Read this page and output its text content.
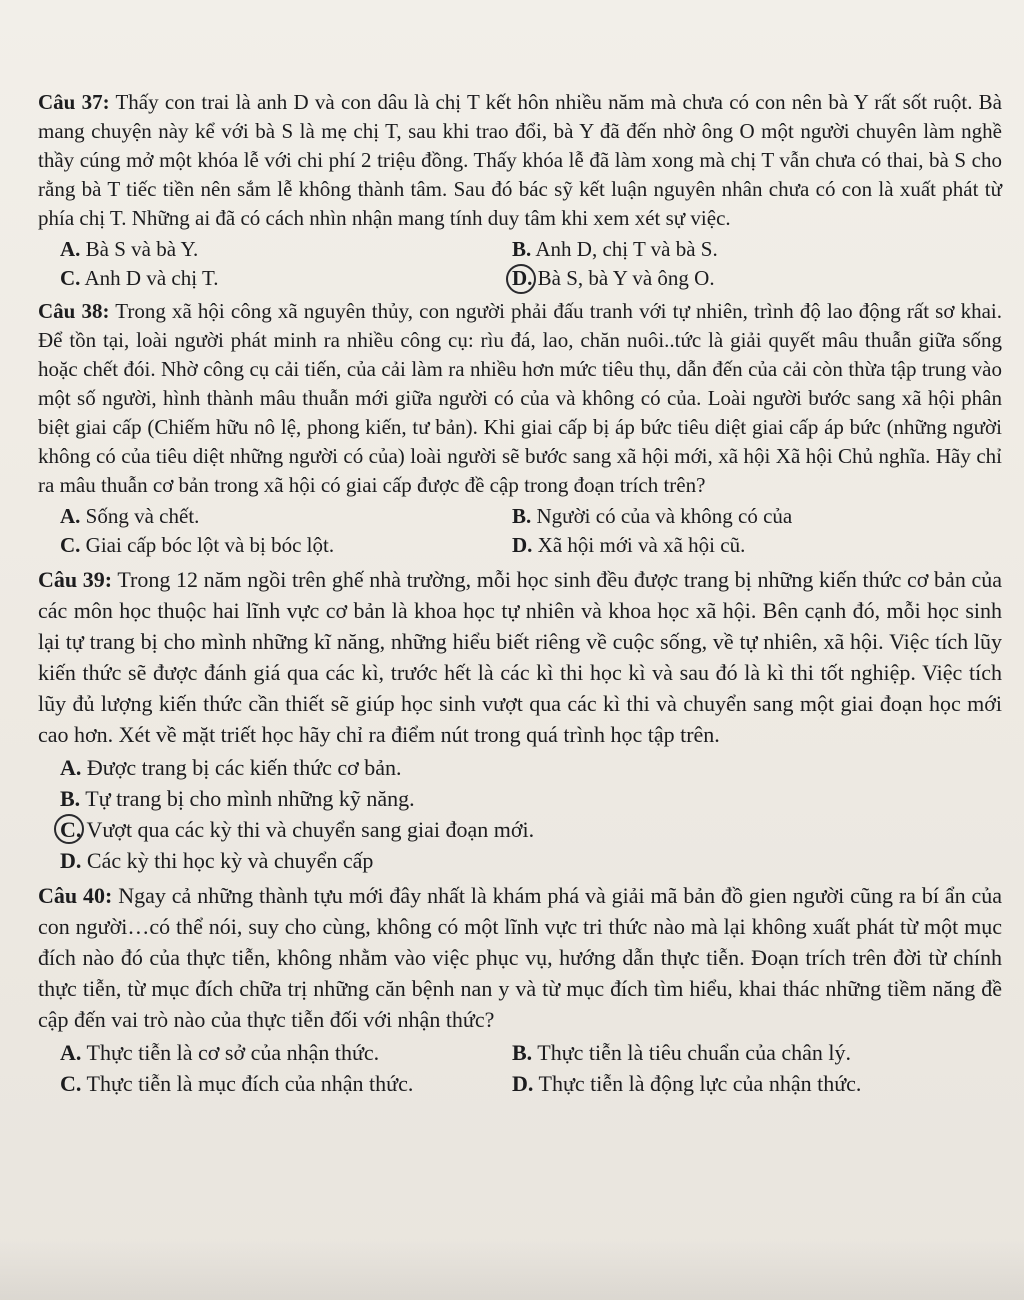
Câu 37: Thấy con trai là anh D và con dâu là chị T kết hôn nhiều năm mà chưa có con nên bà Y rất sốt ruột. Bà mang chuyện này kể với bà S là mẹ chị T, sau khi trao đổi, bà Y đã đến nhờ ông O một người chuyên làm nghề thầy cúng mở một khóa lễ với chi phí 2 triệu đồng. Thấy khóa lễ đã làm xong mà chị T vẫn chưa có thai, bà S cho rằng bà T tiếc tiền nên sắm lễ không thành tâm. Sau đó bác sỹ kết luận nguyên nhân chưa có con là xuất phát từ phía chị T. Những ai đã có cách nhìn nhận mang tính duy tâm khi xem xét sự việc.

A. Bà S và bà Y.	B. Anh D, chị T và bà S.
C. Anh D và chị T.	D. Bà S, bà Y và ông O.

Câu 38: Trong xã hội công xã nguyên thủy, con người phải đấu tranh với tự nhiên, trình độ lao động rất sơ khai. Để tồn tại, loài người phát minh ra nhiều công cụ: rìu đá, lao, chăn nuôi..tức là giải quyết mâu thuẫn giữa sống hoặc chết đói. Nhờ công cụ cải tiến, của cải làm ra nhiều hơn mức tiêu thụ, dẫn đến của cải còn thừa tập trung vào một số người, hình thành mâu thuẫn mới giữa người có của và không có của. Loài người bước sang xã hội phân biệt giai cấp (Chiếm hữu nô lệ, phong kiến, tư bản). Khi giai cấp bị áp bức tiêu diệt giai cấp áp bức (những người không có của tiêu diệt những người có của) loài người sẽ bước sang xã hội mới, xã hội Xã hội Chủ nghĩa. Hãy chỉ ra mâu thuẫn cơ bản trong xã hội có giai cấp được đề cập trong đoạn trích trên?

A. Sống và chết.	B. Người có của và không có của
C. Giai cấp bóc lột và bị bóc lột.	D. Xã hội mới và xã hội cũ.

Câu 39: Trong 12 năm ngồi trên ghế nhà trường, mỗi học sinh đều được trang bị những kiến thức cơ bản của các môn học thuộc hai lĩnh vực cơ bản là khoa học tự nhiên và khoa học xã hội. Bên cạnh đó, mỗi học sinh lại tự trang bị cho mình những kĩ năng, những hiểu biết riêng về cuộc sống, về tự nhiên, xã hội. Việc tích lũy kiến thức sẽ được đánh giá qua các kì, trước hết là các kì thi học kì và sau đó là kì thi tốt nghiệp. Việc tích lũy đủ lượng kiến thức cần thiết sẽ giúp học sinh vượt qua các kì thi và chuyển sang một giai đoạn học mới cao hơn. Xét về mặt triết học hãy chỉ ra điểm nút trong quá trình học tập trên.

A. Được trang bị các kiến thức cơ bản.
B. Tự trang bị cho mình những kỹ năng.
C. Vượt qua các kỳ thi và chuyển sang giai đoạn mới.
D. Các kỳ thi học kỳ và chuyển cấp

Câu 40: Ngay cả những thành tựu mới đây nhất là khám phá và giải mã bản đồ gien người cũng ra bí ẩn của con người…có thể nói, suy cho cùng, không có một lĩnh vực tri thức nào mà lại không xuất phát từ một mục đích nào đó của thực tiễn, không nhằm vào việc phục vụ, hướng dẫn thực tiễn. Đoạn trích trên đời từ chính thực tiễn, từ mục đích chữa trị những căn bệnh nan y và từ mục đích tìm hiểu, khai thác những tiềm năng đề cập đến vai trò nào của thực tiễn đối với nhận thức?

A. Thực tiễn là cơ sở của nhận thức.	B. Thực tiễn là tiêu chuẩn của chân lý.
C. Thực tiễn là mục đích của nhận thức.	D. Thực tiễn là động lực của nhận thức.
